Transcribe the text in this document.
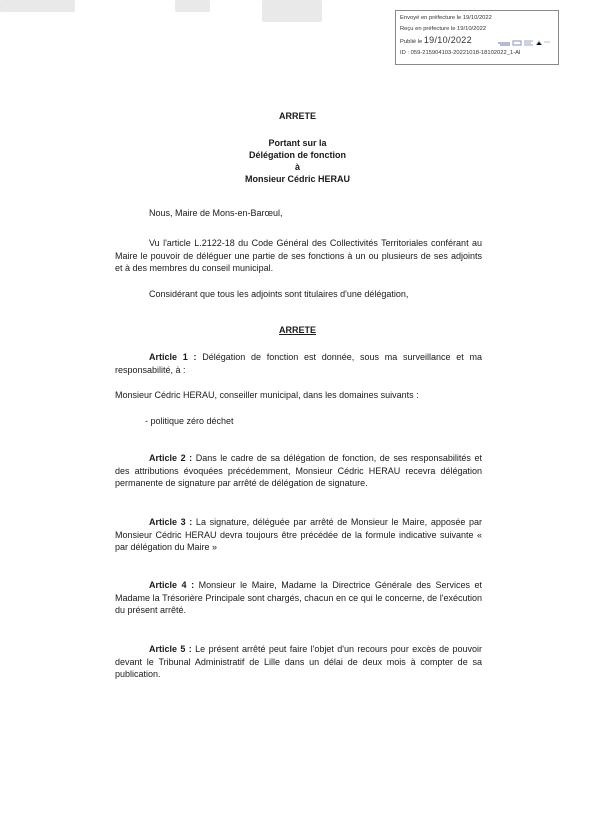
Envoyé en préfecture le 19/10/2022
Reçu en préfecture le 19/10/2022
Publié le 19/10/2022
ID : 059-215904103-20221018-18102022_1-AI
ARRETE
Portant sur la
Délégation de fonction
à
Monsieur Cédric HERAU

Nous, Maire de Mons-en-Barœul,

Vu l'article L.2122-18 du Code Général des Collectivités Territoriales conférant au Maire le pouvoir de déléguer une partie de ses fonctions à un ou plusieurs de ses adjoints et à des membres du conseil municipal.

Considérant que tous les adjoints sont titulaires d'une délégation,

ARRETE

Article 1 : Délégation de fonction est donnée, sous ma surveillance et ma responsabilité, à :

Monsieur Cédric HERAU, conseiller municipal, dans les domaines suivants :

- politique zéro déchet

Article 2 : Dans le cadre de sa délégation de fonction, de ses responsabilités et des attributions évoquées précédemment, Monsieur Cédric HERAU recevra délégation permanente de signature par arrêté de délégation de signature.

Article 3 : La signature, déléguée par arrêté de Monsieur le Maire, apposée par Monsieur Cédric HERAU devra toujours être précédée de la formule indicative suivante « par délégation du Maire »

Article 4 : Monsieur le Maire, Madame la Directrice Générale des Services et Madame la Trésorière Principale sont chargés, chacun en ce qui le concerne, de l'exécution du présent arrêté.

Article 5 : Le présent arrêté peut faire l'objet d'un recours pour excès de pouvoir devant le Tribunal Administratif de Lille dans un délai de deux mois à compter de sa publication.
